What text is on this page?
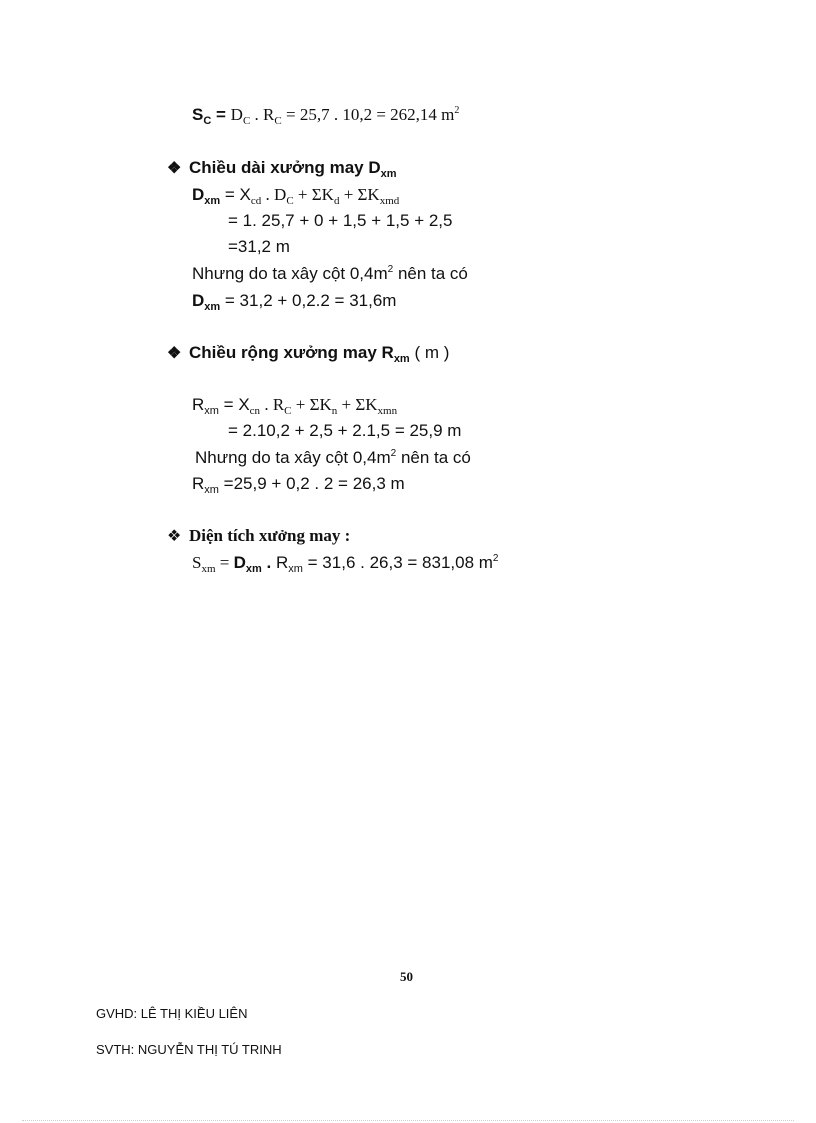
$S_C = D_C$ . $R_C = 25,7$ . 10,2 = 262,14 $m^2$
❖ Chiều dài xưởng may $D_{xm}$
$D_{xm} = X_{cd}$ . $D_C + \Sigma K_d + \Sigma K_{xmd}$
= 1. 25,7 + 0 + 1,5 + 1,5 + 2,5
=31,2 m
Nhưng do ta xây cột $0,4m^2$ nên ta có
$D_{xm} = 31,2 + 0,2.2 = 31,6m$
❖ Chiều rộng xưởng may $R_{xm}$ ( m )
$R_{xm} = X_{cn}$ . $R_C + \Sigma K_n + \Sigma K_{xmn}$
= 2.10,2 + 2,5 + 2.1,5 = 25,9 m
Nhưng do ta xây cột $0,4m^2$ nên ta có
$R_{xm} =25,9 + 0,2$ . 2 = 26,3 m
❖ Diện tích xưởng may :
$S_{xm} = D_{xm}$ . $R_{xm} = 31,6$ . 26,3 = 831,08 $m^2$
50
GVHD: LÊ THỊ KIỀU LIÊN
SVTH: NGUYỄN THỊ TÚ TRINH
